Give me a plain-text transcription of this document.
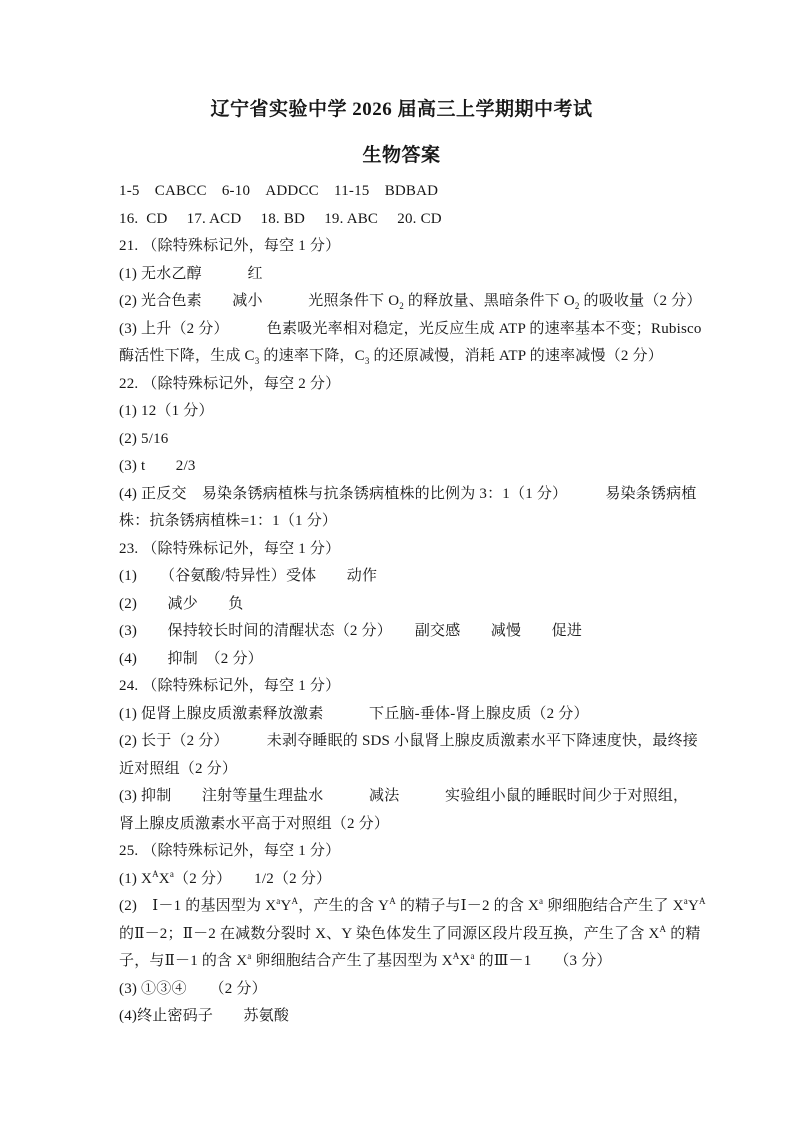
辽宁省实验中学 2026 届高三上学期期中考试
生物答案

1-5　CABCC　6-10　ADDCC　11-15　BDBAD

16.  CD　 17. ACD　 18. BD　 19. ABC　 20. CD

21. （除特殊标记外，每空 1 分）

(1) 无水乙醇　　　红

(2) 光合色素　　减小　　　光照条件下 $O_2$ 的释放量、黑暗条件下 $O_2$ 的吸收量（2 分）

(3) 上升（2 分）　　　色素吸光率相对稳定，光反应生成 ATP 的速率基本不变；Rubisco

酶活性下降，生成 $C_3$ 的速率下降，$C_3$ 的还原减慢，消耗 ATP 的速率减慢（2 分）

22. （除特殊标记外，每空 2 分）

(1) 12（1 分）

(2) 5/16

(3) t　　2/3

(4) 正反交　易染条锈病植株与抗条锈病植株的比例为 3：1（1 分）　　　易染条锈病植

株：抗条锈病植株=1：1（1 分）

23. （除特殊标记外，每空 1 分）

(1)　　（谷氨酸/特异性）受体　　动作

(2)　　减少　　负

(3)　　保持较长时间的清醒状态（2 分）　　副交感　　减慢　　促进

(4)　　抑制　（2 分）

24. （除特殊标记外，每空 1 分）

(1) 促肾上腺皮质激素释放激素　　　下丘脑-垂体-肾上腺皮质（2 分）

(2) 长于（2 分）　　　未剥夺睡眠的 SDS 小鼠肾上腺皮质激素水平下降速度快，最终接

近对照组（2 分）

(3) 抑制　　注射等量生理盐水　　　减法　　　实验组小鼠的睡眠时间少于对照组，

肾上腺皮质激素水平高于对照组（2 分）

25. （除特殊标记外，每空 1 分）

(1) $X^AX^a(2$ 分）　　1/2（2 分）

(2)　Ⅰ－1 的基因型为 $X^aY^A$，产生的含 $Y^A$ 的精子与Ⅰ－2 的含 $X^a$ 卵细胞结合产生了 $X^aY^A$

的Ⅱ－2；Ⅱ－2 在减数分裂时 X、Y 染色体发生了同源区段片段互换，产生了含 $X^A$ 的精

子，与Ⅱ－1 的含 $X^a$ 卵细胞结合产生了基因型为 $X^AX^a$ 的Ⅲ－1　　（3 分）

(3) ①③④　　（2 分）

(4)终止密码子　　苏氨酸
